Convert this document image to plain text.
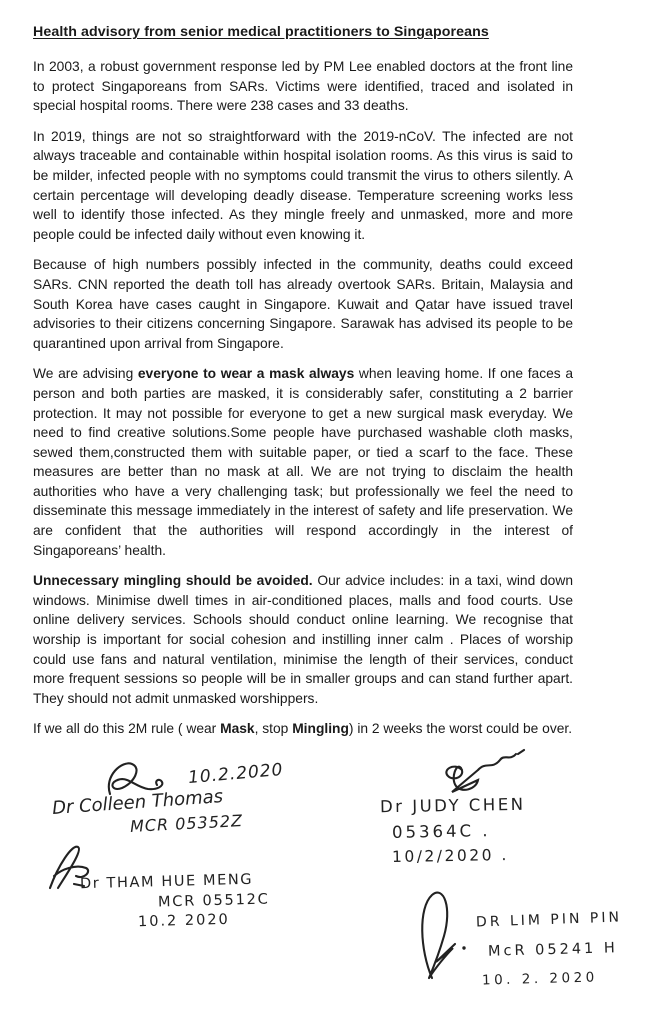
Health advisory from senior medical practitioners to Singaporeans

In 2003, a robust government response led by PM Lee enabled doctors at the front line to protect Singaporeans from SARs. Victims were identified, traced and isolated in special hospital rooms. There were 238 cases and 33 deaths.

In 2019, things are not so straightforward with the 2019-nCoV. The infected are not always traceable and containable within hospital isolation rooms. As this virus is said to be milder, infected people with no symptoms could transmit the virus to others silently. A certain percentage will developing deadly disease. Temperature screening works less well to identify those infected. As they mingle freely and unmasked, more and more people could be infected daily without even knowing it.

Because of high numbers possibly infected in the community, deaths could exceed SARs. CNN reported the death toll has already overtook SARs. Britain, Malaysia and South Korea have cases caught in Singapore. Kuwait and Qatar have issued travel advisories to their citizens concerning Singapore. Sarawak has advised its people to be quarantined upon arrival from Singapore.

We are advising everyone to wear a mask always when leaving home. If one faces a person and both parties are masked, it is considerably safer, constituting a 2 barrier protection. It may not possible for everyone to get a new surgical mask everyday. We need to find creative solutions.Some people have purchased washable cloth masks, sewed them,constructed them with suitable paper, or tied a scarf to the face. These measures are better than no mask at all. We are not trying to disclaim the health authorities who have a very challenging task; but professionally we feel the need to disseminate this message immediately in the interest of safety and life preservation. We are confident that the authorities will respond accordingly in the interest of Singaporeans’ health.

Unnecessary mingling should be avoided. Our advice includes: in a taxi, wind down windows. Minimise dwell times in air-conditioned places, malls and food courts. Use online delivery services. Schools should conduct online learning. We recognise that worship is important for social cohesion and instilling inner calm . Places of worship could use fans and natural ventilation, minimise the length of their services, conduct more frequent sessions so people will be in smaller groups and can stand further apart. They should not admit unmasked worshippers.

If we all do this 2M rule ( wear Mask, stop Mingling) in 2 weeks the worst could be over.

10.2.2020
Dr Colleen Thomas
MCR 05352Z
Dr JUDY CHEN
05364C .
10/2/2020 .
Dr THAM HUE MENG
MCR 05512C
10.2 2020	DR LIM PIN PIN
McR 05241 H
10. 2. 2020
